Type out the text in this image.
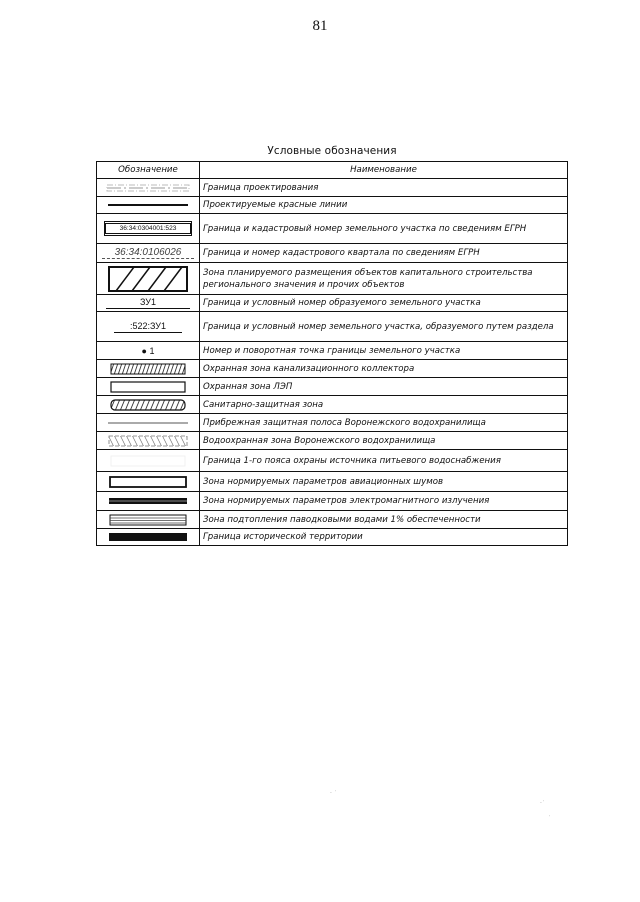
81
Условные обозначения
Обозначение	Наименование

	Граница проектирования

	Проектируемые красные линии

36:34:0304001:523	Граница и кадастровый номер земельного участка по сведениям ЕГРН

36:34:0106026	Граница и номер кадастрового квартала по сведениям ЕГРН

	Зона планируемого размещения объектов капитального строительства регионального значения и прочих объектов

ЗУ1	Граница и условный номер образуемого земельного участка

:522:ЗУ1	Граница и условный номер земельного участка, образуемого путем раздела

● 1	Номер и поворотная точка границы земельного участка

	Охранная зона канализационного коллектора

	Охранная зона ЛЭП

	Санитарно-защитная зона

	Прибрежная защитная полоса Воронежского водохранилища

	Водоохранная зона Воронежского водохранилища

	Граница 1-го пояса охраны источника питьевого водоснабжения

	Зона нормируемых параметров авиационных шумов

	Зона нормируемых параметров электромагнитного излучения

	Зона подтопления паводковыми водами 1% обеспеченности

	Граница исторической территории
· ˙
·˙
˙
